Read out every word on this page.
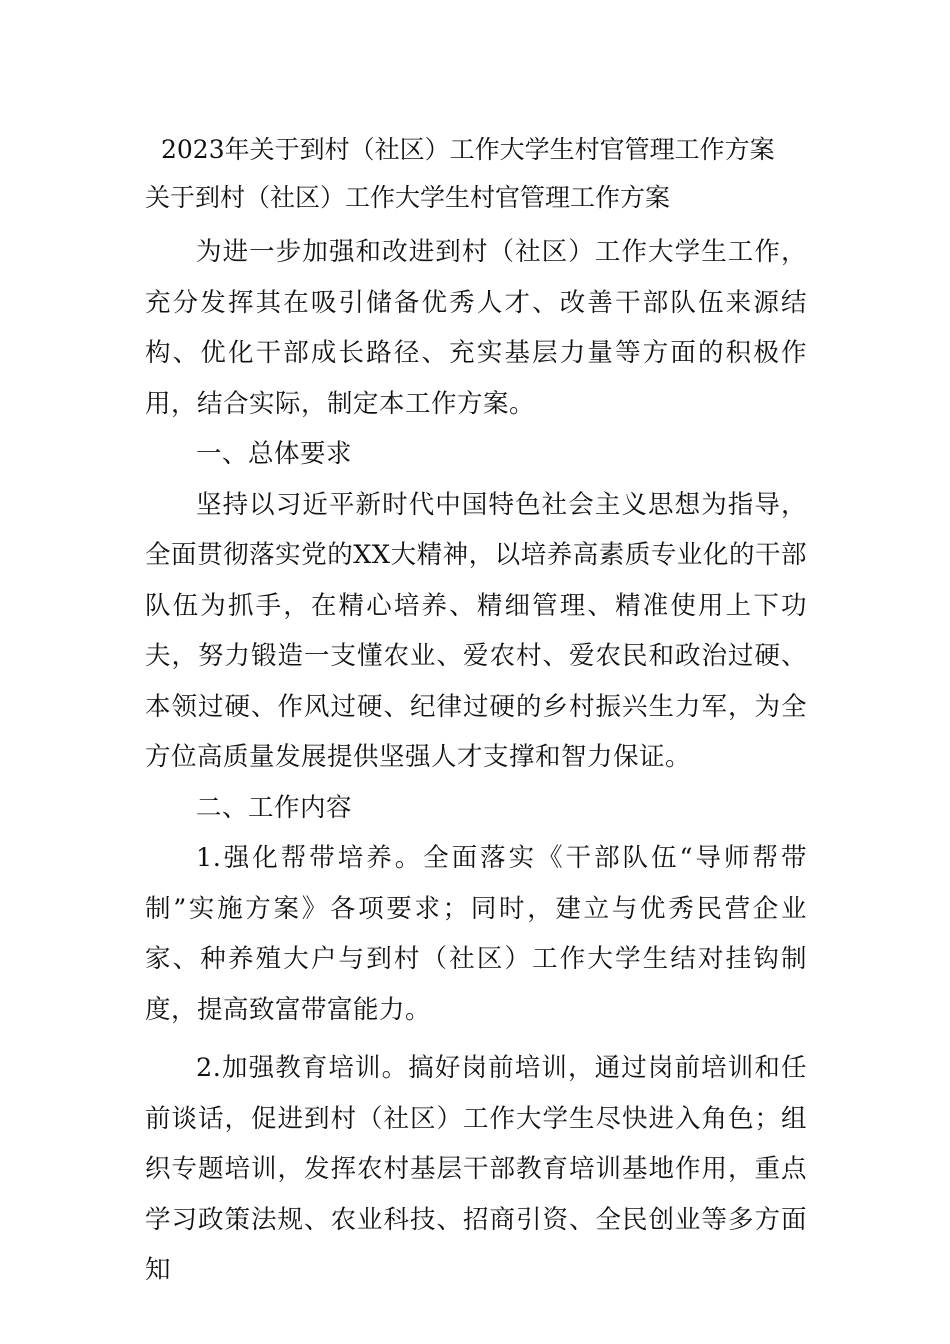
2023年关于到村（社区）工作大学生村官管理工作方案
关于到村（社区）工作大学生村官管理工作方案

为进一步加强和改进到村（社区）工作大学生工作，充分发挥其在吸引储备优秀人才、改善干部队伍来源结构、优化干部成长路径、充实基层力量等方面的积极作用，结合实际，制定本工作方案。

一、总体要求

坚持以习近平新时代中国特色社会主义思想为指导，全面贯彻落实党的XX大精神，以培养高素质专业化的干部队伍为抓手，在精心培养、精细管理、精准使用上下功夫，努力锻造一支懂农业、爱农村、爱农民和政治过硬、本领过硬、作风过硬、纪律过硬的乡村振兴生力军，为全方位高质量发展提供坚强人才支撑和智力保证。

二、工作内容

1.强化帮带培养。全面落实《干部队伍“导师帮带制”实施方案》各项要求；同时，建立与优秀民营企业家、种养殖大户与到村（社区）工作大学生结对挂钩制度，提高致富带富能力。

2.加强教育培训。搞好岗前培训，通过岗前培训和任前谈话，促进到村（社区）工作大学生尽快进入角色；组织专题培训，发挥农村基层干部教育培训基地作用，重点学习政策法规、农业科技、招商引资、全民创业等多方面知
